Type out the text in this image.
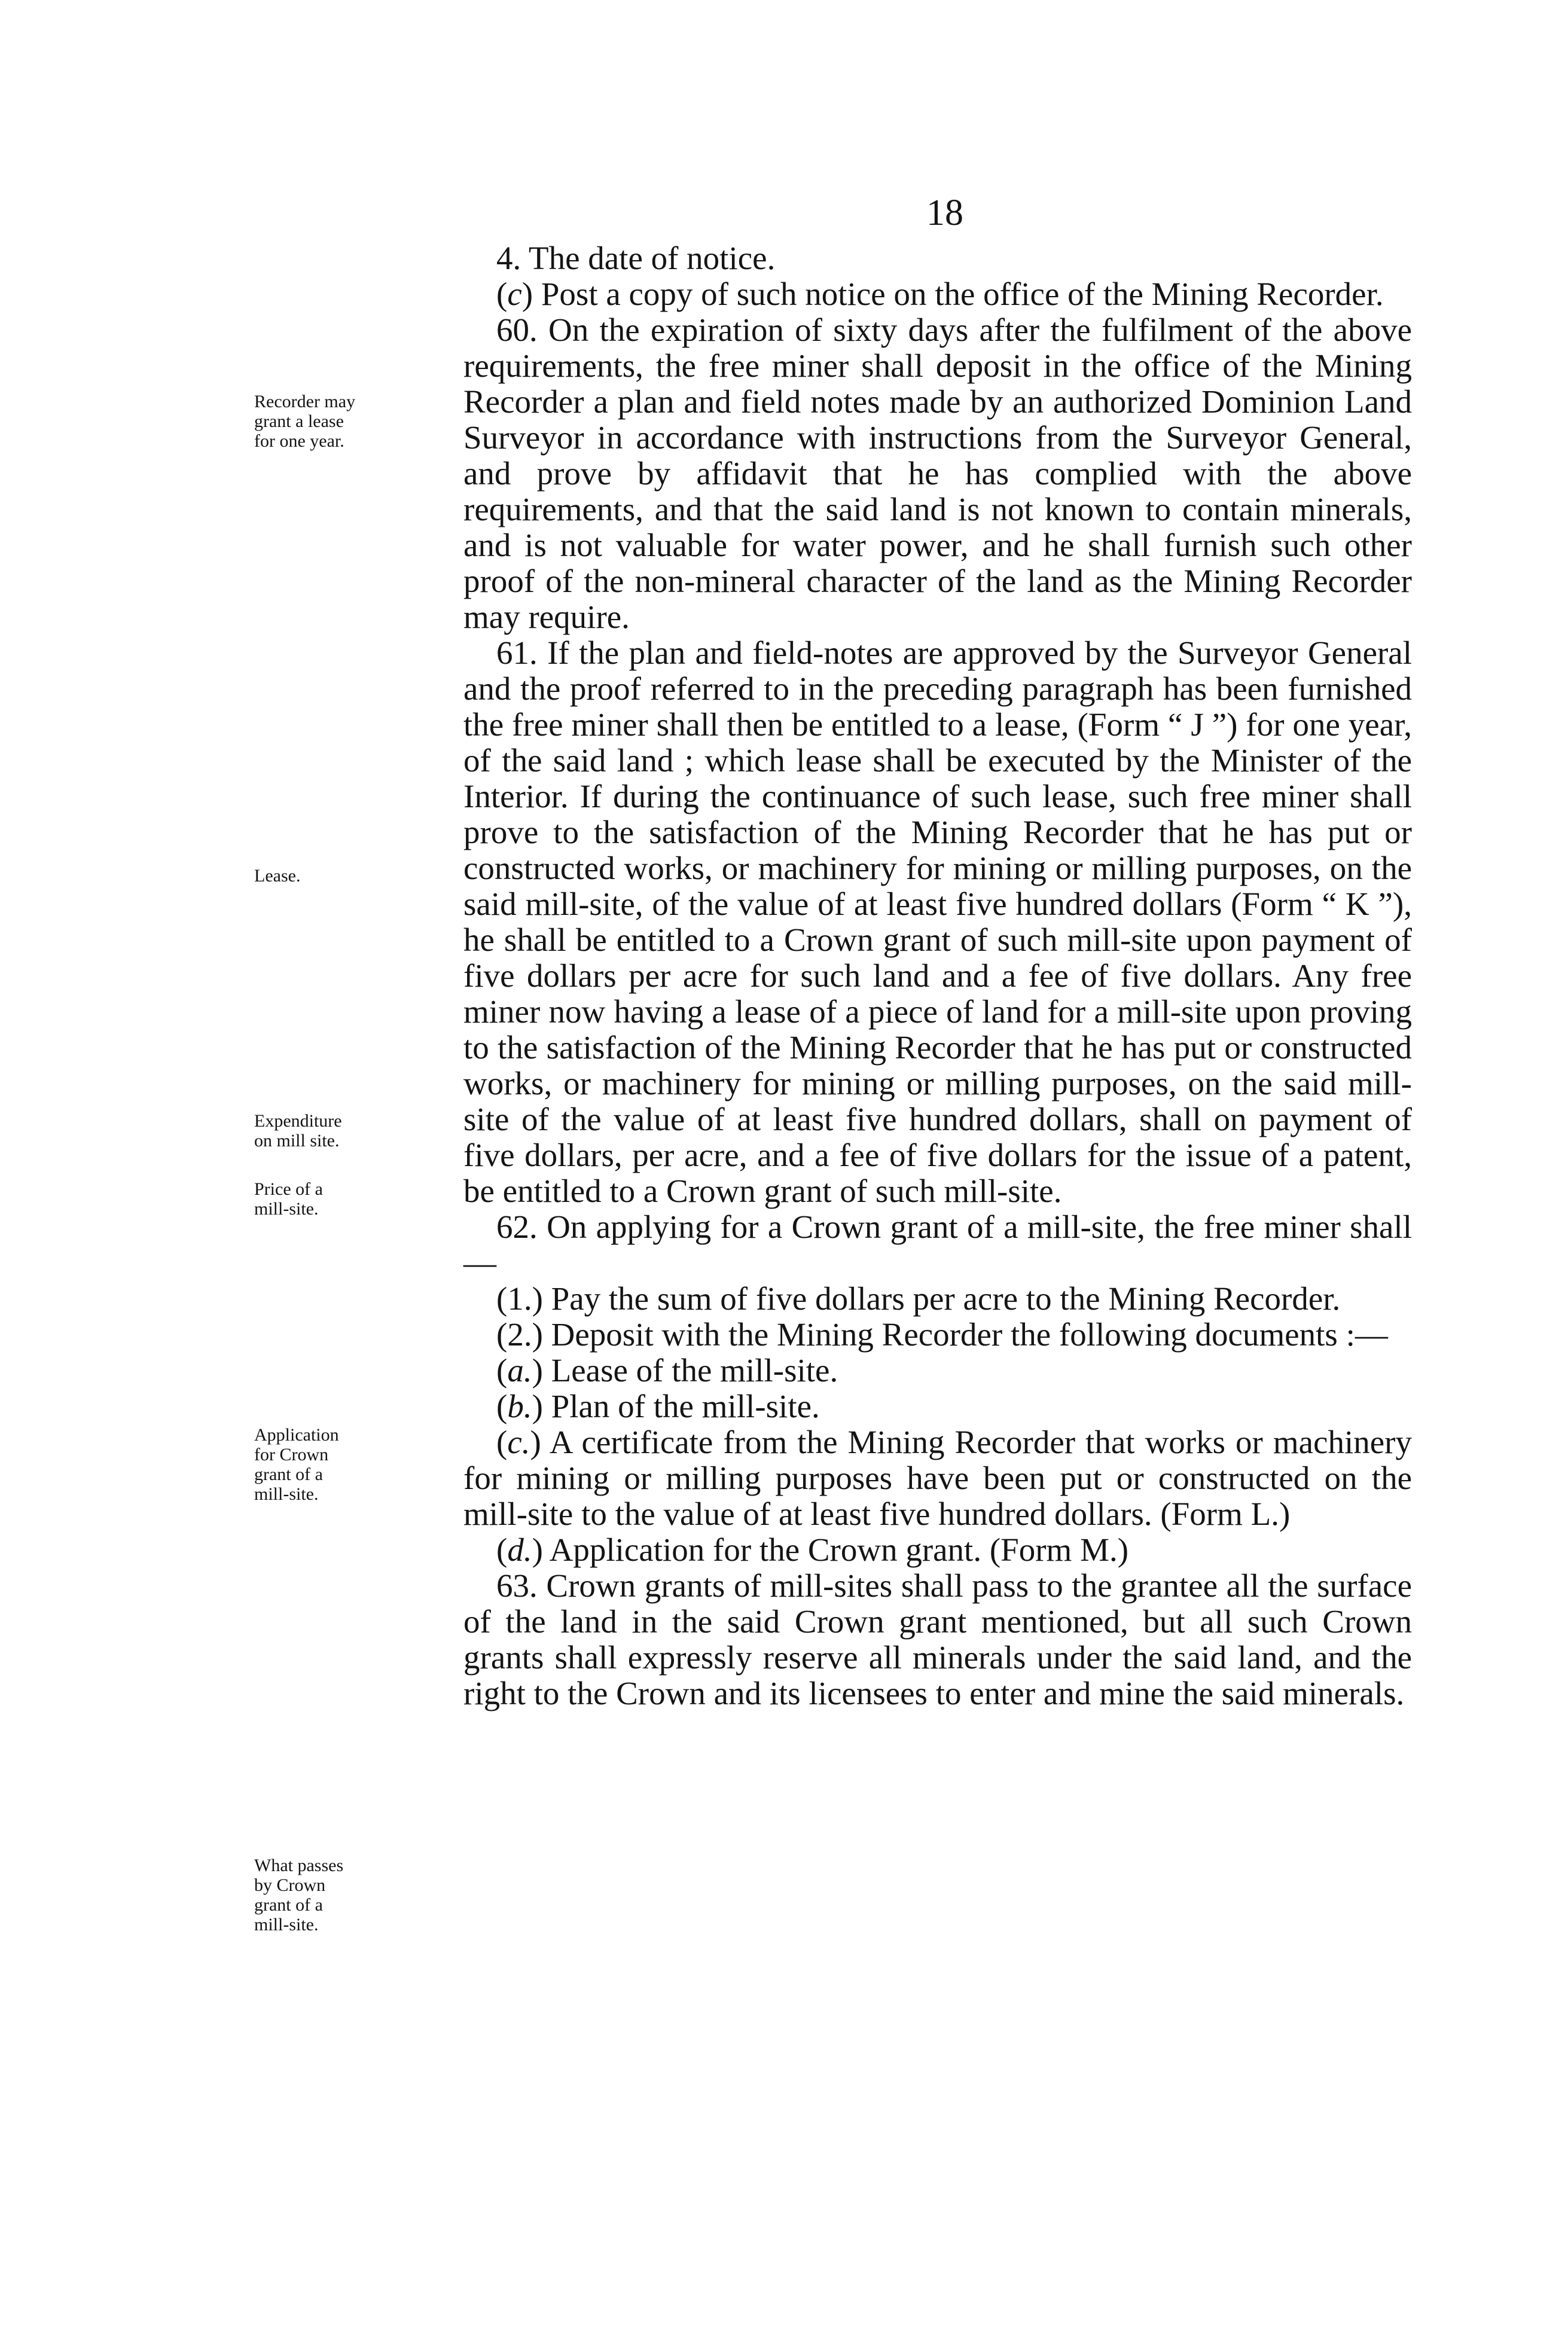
18

4. The date of notice.

(c) Post a copy of such notice on the office of the Mining Recorder.

60. On the expiration of sixty days after the fulfilment of the above requirements, the free miner shall deposit in the office of the Mining Recorder a plan and field notes made by an authorized Dominion Land Surveyor in accordance with instructions from the Surveyor General, and prove by affidavit that he has complied with the above requirements, and that the said land is not known to contain minerals, and is not valuable for water power, and he shall furnish such other proof of the non-mineral character of the land as the Mining Recorder may require.

61. If the plan and field-notes are approved by the Surveyor General and the proof referred to in the preceding paragraph has been furnished the free miner shall then be entitled to a lease, (Form “ J ”) for one year, of the said land ; which lease shall be executed by the Minister of the Interior. If during the continuance of such lease, such free miner shall prove to the satisfaction of the Mining Recorder that he has put or constructed works, or machinery for mining or milling purposes, on the said mill-site, of the value of at least five hundred dollars (Form “ K ”), he shall be entitled to a Crown grant of such mill-site upon payment of five dollars per acre for such land and a fee of five dollars. Any free miner now having a lease of a piece of land for a mill-site upon proving to the satisfaction of the Mining Recorder that he has put or constructed works, or machinery for mining or milling purposes, on the said mill-site of the value of at least five hundred dollars, shall on payment of five dollars, per acre, and a fee of five dollars for the issue of a patent, be entitled to a Crown grant of such mill-site.

62. On applying for a Crown grant of a mill-site, the free miner shall—

(1.) Pay the sum of five dollars per acre to the Mining Recorder.

(2.) Deposit with the Mining Recorder the following documents :—

(a.) Lease of the mill-site.

(b.) Plan of the mill-site.

(c.) A certificate from the Mining Recorder that works or machinery for mining or milling purposes have been put or constructed on the mill-site to the value of at least five hundred dollars. (Form L.)

(d.) Application for the Crown grant. (Form M.)

63. Crown grants of mill-sites shall pass to the grantee all the surface of the land in the said Crown grant mentioned, but all such Crown grants shall expressly reserve all minerals under the said land, and the right to the Crown and its licensees to enter and mine the said minerals.

Recorder may
grant a lease
for one year.
Lease.
Expenditure
on mill site.
Price of a
mill-site.
Application
for Crown
grant of a
mill-site.
What passes
by Crown
grant of a
mill-site.
